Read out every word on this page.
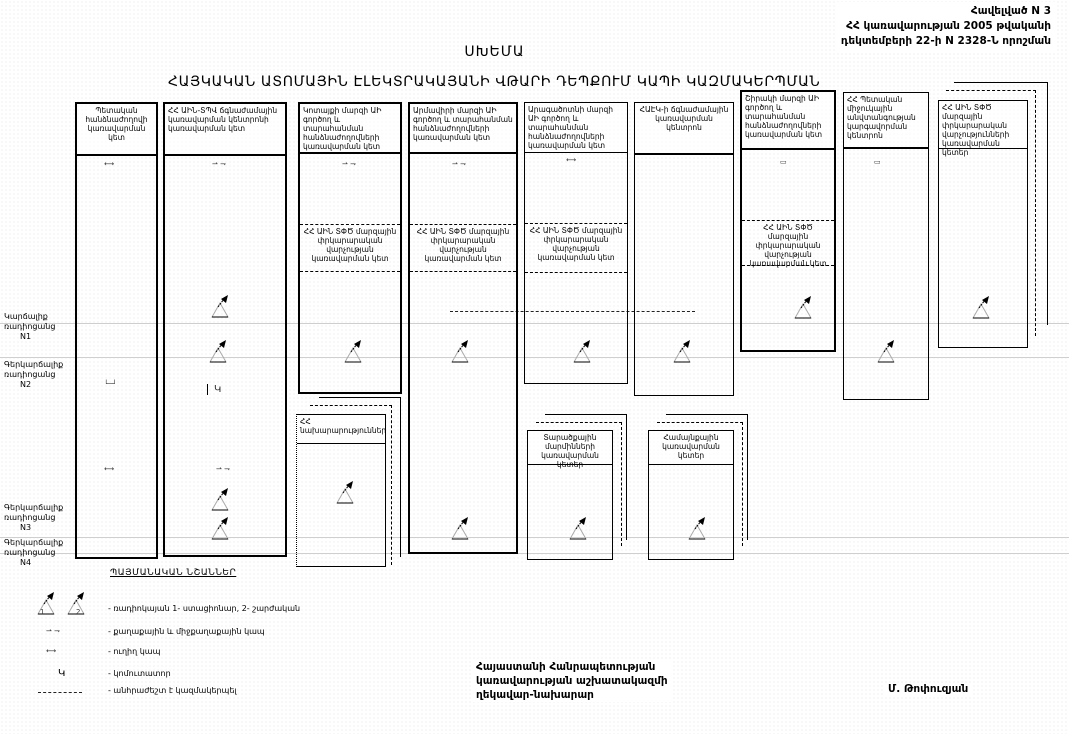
Հավելված N 3
ՀՀ կառավարության 2005 թվականի
դեկտեմբերի 22-ի N 2328-Ն որոշման
ՍԽԵՄԱ
ՀԱՅԿԱԿԱՆ ԱՏՈՄԱՅԻՆ ԷԼԵԿՏՐԱԿԱՅԱՆԻ ՎԹԱՐԻ ԴԵՊՔՈՒՄ ԿԱՊԻ ԿԱԶՄԱԿԵՐՊՄԱՆ
Պետական հանձնաժողովի կառավարման կետ
ՀՀ ԱԻՆ-ՏՊՎ ճգնաժամային կառավարման կենտրոնի կառավարման կետ
Կոտայքի մարզի ԱԻ գործող և տարահանման հանձնաժողովների կառավարման կետ
ՀՀ ԱԻՆ ՏՓԾ մարզային փրկարարական վարչության կառավարման կետ
Արմավիրի մարզի ԱԻ գործող և տարահանման հանձնաժողովների կառավարման կետ
ՀՀ ԱԻՆ ՏՓԾ մարզային փրկարարական վարչության կառավարման կետ
Արագածոտնի մարզի ԱԻ գործող և տարահանման հանձնաժողովների կառավարման կետ
ՀՀ ԱԻՆ ՏՓԾ մարզային փրկարարական վարչության կառավարման կետ
ՀԱԷԿ-ի ճգնաժամային կառավարման կենտրոն
Շիրակի մարզի ԱԻ գործող և տարահանման հանձնաժողովների կառավարման կետ
ՀՀ ԱԻՆ ՏՓԾ մարզային փրկարարական վարչության կառավարման կետ
ՀՀ Պետական միջուկային անվտանգության կարգավորման կենտրոն
ՀՀ ԱԻՆ ՏՓԾ մարզային փրկարարական վարչությունների կառավարման կետեր
ՀՀ նախարարություններ
Տարածքային մարմինների կառավարման կետեր
Համայնքային կառավարման կետեր
⟷	⇀ ⇁	⇀ ⇁	⇀ ⇁	⟷	▭	▭
└─┘	Կ
⟷	⇀ ⇁
Կարճալիք
ռադիոցանց
N1
Գերկարճալիք
ռադիոցանց
N2
Գերկարճալիք
ռադիոցանց
N3
Գերկարճալիք
ռադիոցանց
N4
ՊԱՅՄԱՆԱԿԱՆ ՆՇԱՆՆԵՐ
1	2	- ռադիոկայան 1- ստացիոնար, 2- շարժական
⇀ ⇁	- քաղաքային և միջքաղաքային կապ
⟷	- ուղիղ կապ
Կ	- կոմուտատոր
- անհրաժեշտ է կազմակերպել
Հայաստանի Հանրապետության
կառավարության աշխատակազմի
ղեկավար-նախարար	Մ. Թոփուզյան
